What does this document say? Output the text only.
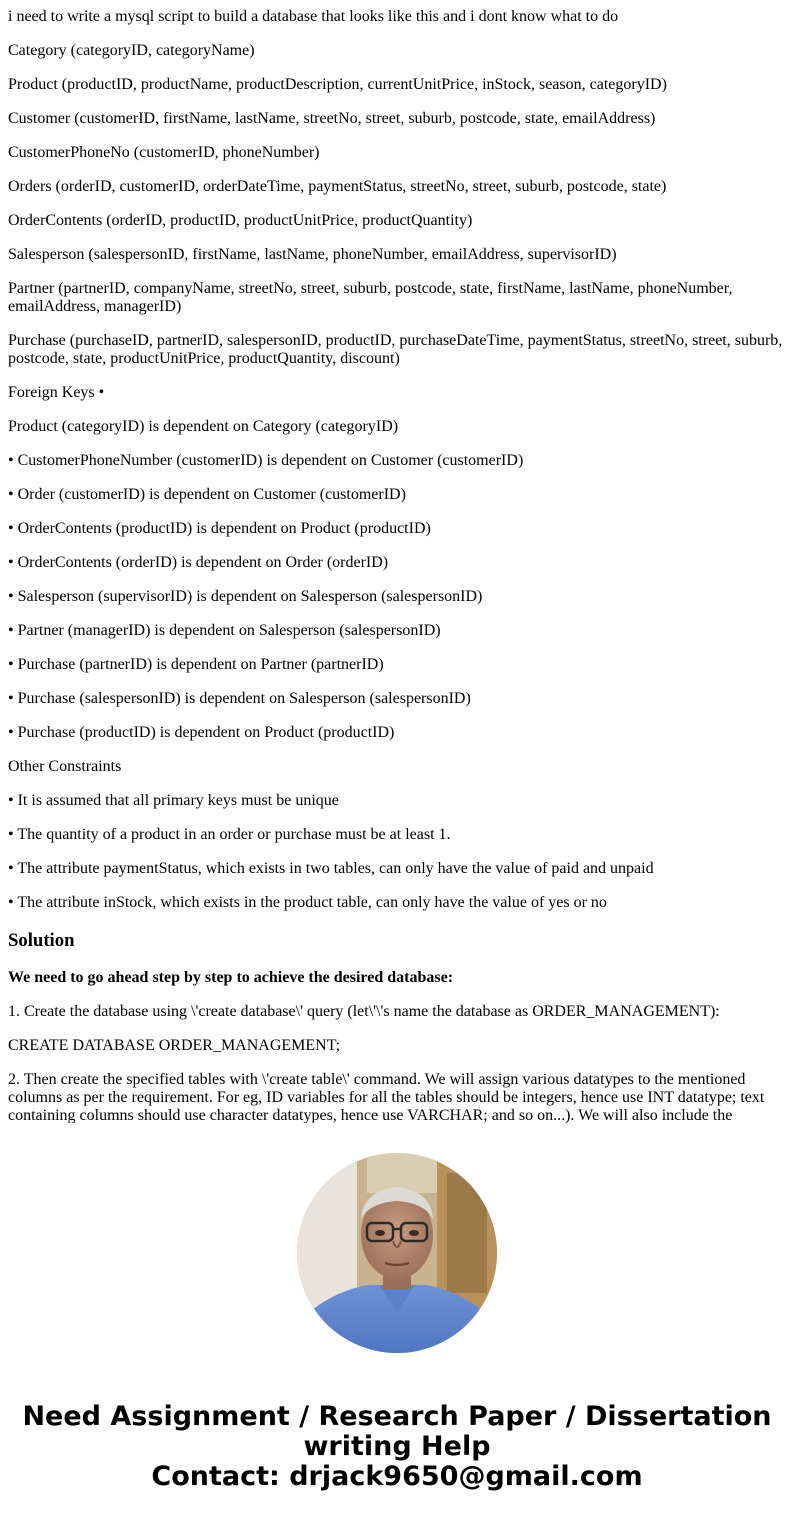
i need to write a mysql script to build a database that looks like this and i dont know what to do

Category (categoryID, categoryName)

Product (productID, productName, productDescription, currentUnitPrice, inStock, season, categoryID)

Customer (customerID, firstName, lastName, streetNo, street, suburb, postcode, state, emailAddress)

CustomerPhoneNo (customerID, phoneNumber)

Orders (orderID, customerID, orderDateTime, paymentStatus, streetNo, street, suburb, postcode, state)

OrderContents (orderID, productID, productUnitPrice, productQuantity)

Salesperson (salespersonID, firstName, lastName, phoneNumber, emailAddress, supervisorID)

Partner (partnerID, companyName, streetNo, street, suburb, postcode, state, firstName, lastName, phoneNumber, emailAddress, managerID)

Purchase (purchaseID, partnerID, salespersonID, productID, purchaseDateTime, paymentStatus, streetNo, street, suburb, postcode, state, productUnitPrice, productQuantity, discount)

Foreign Keys •

Product (categoryID) is dependent on Category (categoryID)

• CustomerPhoneNumber (customerID) is dependent on Customer (customerID)

• Order (customerID) is dependent on Customer (customerID)

• OrderContents (productID) is dependent on Product (productID)

• OrderContents (orderID) is dependent on Order (orderID)

• Salesperson (supervisorID) is dependent on Salesperson (salespersonID)

• Partner (managerID) is dependent on Salesperson (salespersonID)

• Purchase (partnerID) is dependent on Partner (partnerID)

• Purchase (salespersonID) is dependent on Salesperson (salespersonID)

• Purchase (productID) is dependent on Product (productID)

Other Constraints

• It is assumed that all primary keys must be unique

• The quantity of a product in an order or purchase must be at least 1.

• The attribute paymentStatus, which exists in two tables, can only have the value of paid and unpaid

• The attribute inStock, which exists in the product table, can only have the value of yes or no

Solution

We need to go ahead step by step to achieve the desired database:

1. Create the database using \'create database\' query (let\'\'s name the database as ORDER_MANAGEMENT):

CREATE DATABASE ORDER_MANAGEMENT;

2. Then create the specified tables with \'create table\' command. We will assign various datatypes to the mentioned columns as per the requirement. For eg, ID variables for all the tables should be integers, hence use INT datatype; text containing columns should use character datatypes, hence use VARCHAR; and so on...). We will also include the

Need Assignment / Research Paper / Dissertation
writing Help
Contact: drjack9650@gmail.com
